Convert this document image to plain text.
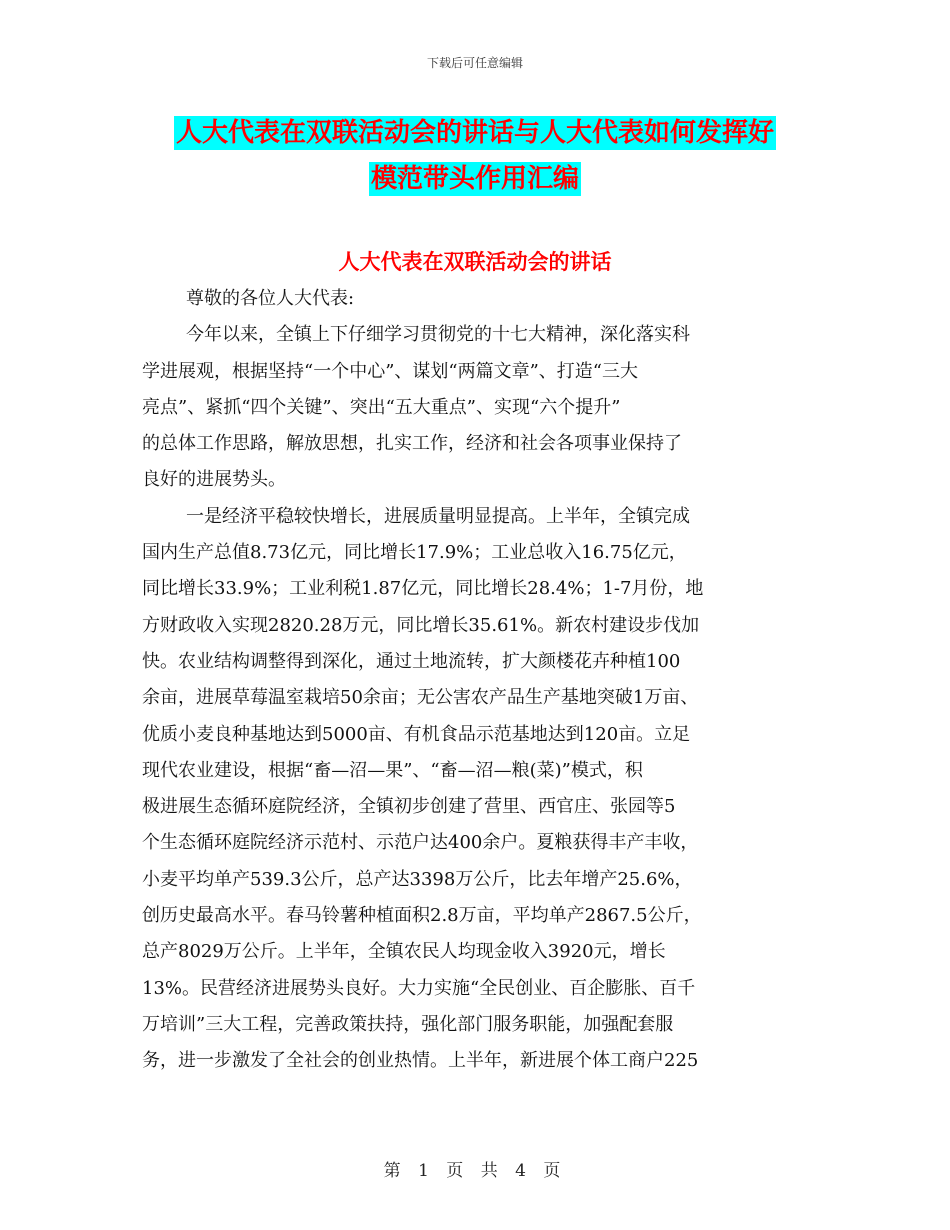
下载后可任意编辑
人大代表在双联活动会的讲话与人大代表如何发挥好
模范带头作用汇编
人大代表在双联活动会的讲话
尊敬的各位人大代表:
今年以来，全镇上下仔细学习贯彻党的十七大精神，深化落实科
学进展观，根据坚持“一个中心”、谋划“两篇文章”、打造“三大
亮点”、紧抓“四个关键”、突出“五大重点”、实现“六个提升”
的总体工作思路，解放思想，扎实工作，经济和社会各项事业保持了
良好的进展势头。
一是经济平稳较快增长，进展质量明显提高。上半年，全镇完成
国内生产总值8.73亿元，同比增长17.9%；工业总收入16.75亿元，
同比增长33.9%；工业利税1.87亿元，同比增长28.4%；1-7月份，地
方财政收入实现2820.28万元，同比增长35.61%。新农村建设步伐加
快。农业结构调整得到深化，通过土地流转，扩大颜楼花卉种植100
余亩，进展草莓温室栽培50余亩；无公害农产品生产基地突破1万亩、
优质小麦良种基地达到5000亩、有机食品示范基地达到120亩。立足
现代农业建设，根据“畜—沼—果”、“畜—沼—粮(菜)”模式，积
极进展生态循环庭院经济，全镇初步创建了营里、西官庄、张园等5
个生态循环庭院经济示范村、示范户达400余户。夏粮获得丰产丰收，
小麦平均单产539.3公斤，总产达3398万公斤，比去年增产25.6%，
创历史最高水平。春马铃薯种植面积2.8万亩，平均单产2867.5公斤，
总产8029万公斤。上半年，全镇农民人均现金收入3920元，增长
13%。民营经济进展势头良好。大力实施“全民创业、百企膨胀、百千
万培训”三大工程，完善政策扶持，强化部门服务职能，加强配套服
务，进一步激发了全社会的创业热情。上半年，新进展个体工商户225
第 1 页 共 4 页
